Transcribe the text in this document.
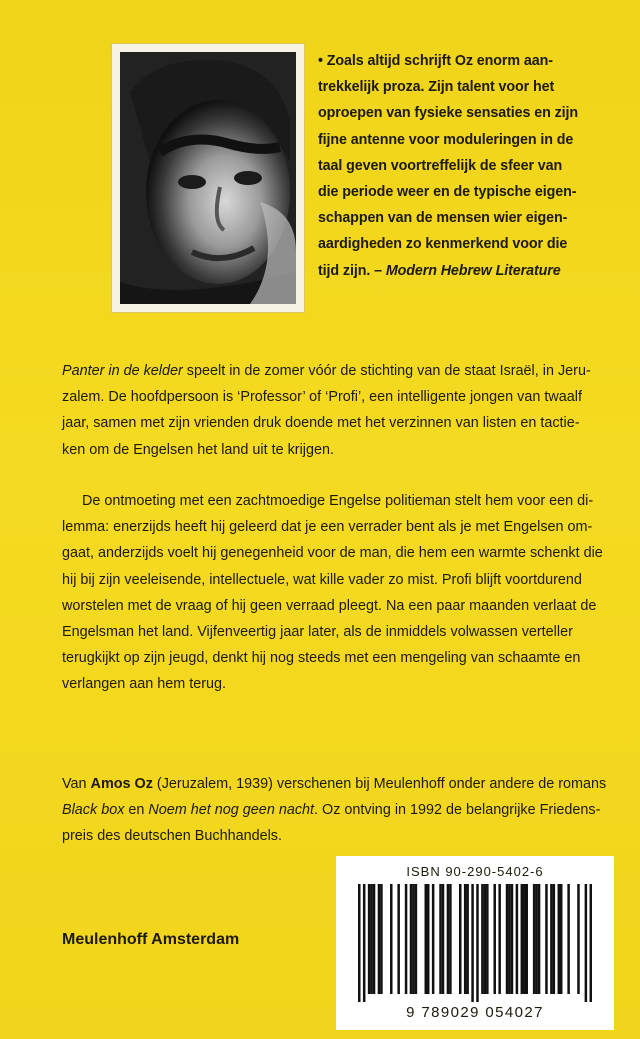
• Zoals altijd schrijft Oz enorm aan-

trekkelijk proza. Zijn talent voor het

oproepen van fysieke sensaties en zijn

fijne antenne voor moduleringen in de

taal geven voortreffelijk de sfeer van

die periode weer en de typische eigen-

schappen van de mensen wier eigen-

aardigheden zo kenmerkend voor die

tijd zijn. – Modern Hebrew Literature

Panter in de kelder speelt in de zomer vóór de stichting van de staat Israël, in Jeru-

zalem. De hoofdpersoon is ‘Professor’ of ‘Profi’, een intelligente jongen van twaalf

jaar, samen met zijn vrienden druk doende met het verzinnen van listen en tactie-

ken om de Engelsen het land uit te krijgen.

De ontmoeting met een zachtmoedige Engelse politieman stelt hem voor een di-

lemma: enerzijds heeft hij geleerd dat je een verrader bent als je met Engelsen om-

gaat, anderzijds voelt hij genegenheid voor de man, die hem een warmte schenkt die

hij bij zijn veeleisende, intellectuele, wat kille vader zo mist. Profi blijft voortdurend

worstelen met de vraag of hij geen verraad pleegt. Na een paar maanden verlaat de

Engelsman het land. Vijfenveertig jaar later, als de inmiddels volwassen verteller

terugkijkt op zijn jeugd, denkt hij nog steeds met een mengeling van schaamte en

verlangen aan hem terug.

Van Amos Oz (Jeruzalem, 1939) verschenen bij Meulenhoff onder andere de romans

Black box en Noem het nog geen nacht. Oz ontving in 1992 de belangrijke Friedens-

preis des deutschen Buchhandels.

Meulenhoff Amsterdam
ISBN 90-290-5402-6
9 789029 054027
